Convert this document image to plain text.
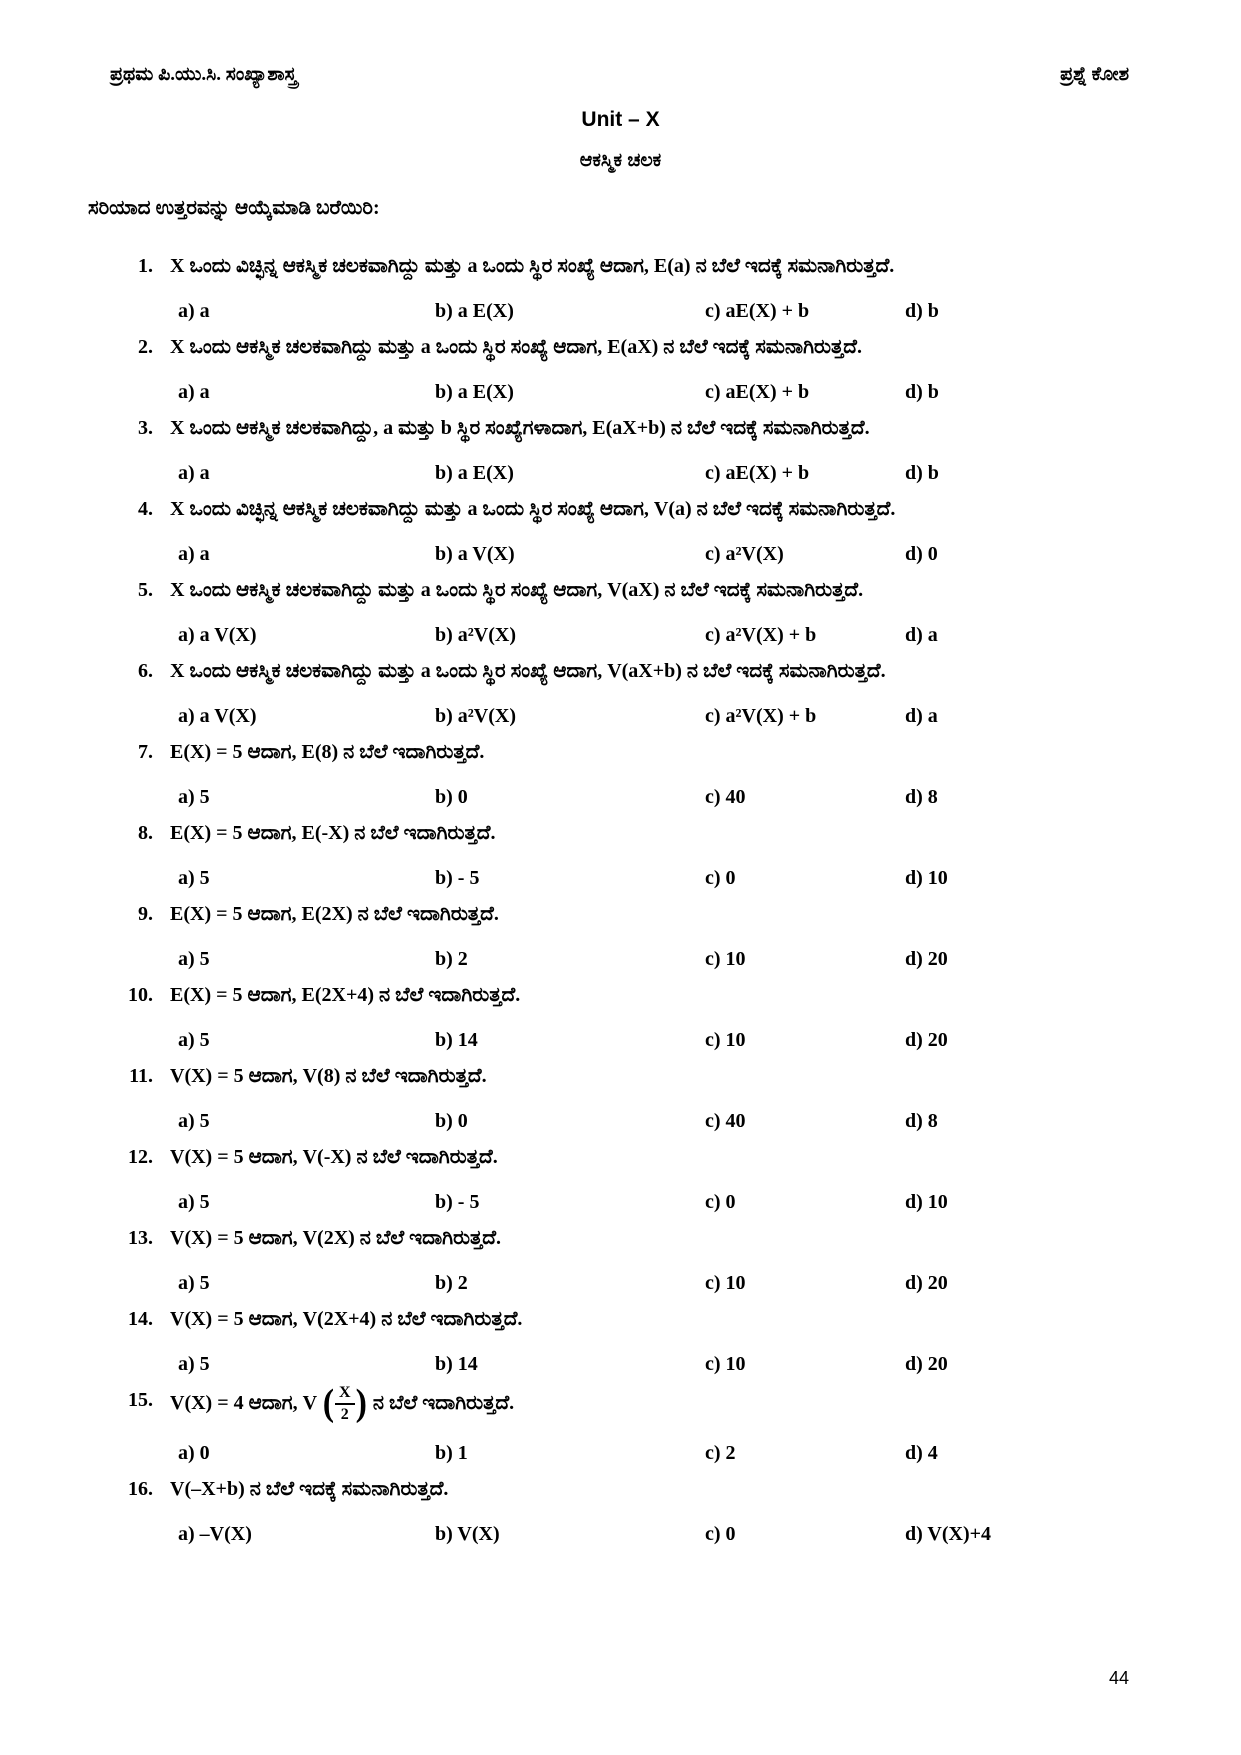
ಪ್ರಥಮ ಪಿ.ಯು.ಸಿ. ಸಂಖ್ಯಾಶಾಸ್ತ್ರ	ಪ್ರಶ್ನೆ ಕೋಶ
Unit – X
ಆಕಸ್ಮಿಕ ಚಲಕ
ಸರಿಯಾದ ಉತ್ತರವನ್ನು ಆಯ್ಕೆಮಾಡಿ ಬರೆಯಿರಿ:
1. X ಒಂದು ವಿಚ್ಛಿನ್ನ ಆಕಸ್ಮಿಕ ಚಲಕವಾಗಿದ್ದು ಮತ್ತು a ಒಂದು ಸ್ಥಿರ ಸಂಖ್ಯೆ ಆದಾಗ, E(a) ನ ಬೆಲೆ ಇದಕ್ಕೆ ಸಮನಾಗಿರುತ್ತದೆ.
a) a	b) a E(X)	c) aE(X) + b	d) b
2. X ಒಂದು ಆಕಸ್ಮಿಕ ಚಲಕವಾಗಿದ್ದು ಮತ್ತು a ಒಂದು ಸ್ಥಿರ ಸಂಖ್ಯೆ ಆದಾಗ, E(aX) ನ ಬೆಲೆ ಇದಕ್ಕೆ ಸಮನಾಗಿರುತ್ತದೆ.
a) a	b) a E(X)	c) aE(X) + b	d) b
3. X ಒಂದು ಆಕಸ್ಮಿಕ ಚಲಕವಾಗಿದ್ದು, a ಮತ್ತು b ಸ್ಥಿರ ಸಂಖ್ಯೆಗಳಾದಾಗ, E(aX+b) ನ ಬೆಲೆ ಇದಕ್ಕೆ ಸಮನಾಗಿರುತ್ತದೆ.
a) a	b) a E(X)	c) aE(X) + b	d) b
4. X ಒಂದು ವಿಚ್ಛಿನ್ನ ಆಕಸ್ಮಿಕ ಚಲಕವಾಗಿದ್ದು ಮತ್ತು a ಒಂದು ಸ್ಥಿರ ಸಂಖ್ಯೆ ಆದಾಗ, V(a) ನ ಬೆಲೆ ಇದಕ್ಕೆ ಸಮನಾಗಿರುತ್ತದೆ.
a) a	b) a V(X)	c) a²V(X)	d) 0
5. X ಒಂದು ಆಕಸ್ಮಿಕ ಚಲಕವಾಗಿದ್ದು ಮತ್ತು a ಒಂದು ಸ್ಥಿರ ಸಂಖ್ಯೆ ಆದಾಗ, V(aX) ನ ಬೆಲೆ ಇದಕ್ಕೆ ಸಮನಾಗಿರುತ್ತದೆ.
a) a V(X)	b) a²V(X)	c) a²V(X) + b	d) a
6. X ಒಂದು ಆಕಸ್ಮಿಕ ಚಲಕವಾಗಿದ್ದು ಮತ್ತು a ಒಂದು ಸ್ಥಿರ ಸಂಖ್ಯೆ ಆದಾಗ, V(aX+b) ನ ಬೆಲೆ ಇದಕ್ಕೆ ಸಮನಾಗಿರುತ್ತದೆ.
a) a V(X)	b) a²V(X)	c) a²V(X) + b	d) a
7. E(X) = 5 ಆದಾಗ, E(8) ನ ಬೆಲೆ ಇದಾಗಿರುತ್ತದೆ.
a) 5	b) 0	c) 40	d) 8
8. E(X) = 5 ಆದಾಗ, E(-X) ನ ಬೆಲೆ ಇದಾಗಿರುತ್ತದೆ.
a) 5	b) - 5	c) 0	d) 10
9. E(X) = 5 ಆದಾಗ, E(2X) ನ ಬೆಲೆ ಇದಾಗಿರುತ್ತದೆ.
a) 5	b) 2	c) 10	d) 20
10. E(X) = 5 ಆದಾಗ, E(2X+4) ನ ಬೆಲೆ ಇದಾಗಿರುತ್ತದೆ.
a) 5	b) 14	c) 10	d) 20
11. V(X) = 5 ಆದಾಗ, V(8) ನ ಬೆಲೆ ಇದಾಗಿರುತ್ತದೆ.
a) 5	b) 0	c) 40	d) 8
12. V(X) = 5 ಆದಾಗ, V(-X) ನ ಬೆಲೆ ಇದಾಗಿರುತ್ತದೆ.
a) 5	b) - 5	c) 0	d) 10
13. V(X) = 5 ಆದಾಗ, V(2X) ನ ಬೆಲೆ ಇದಾಗಿರುತ್ತದೆ.
a) 5	b) 2	c) 10	d) 20
14. V(X) = 5 ಆದಾಗ, V(2X+4) ನ ಬೆಲೆ ಇದಾಗಿರುತ್ತದೆ.
a) 5	b) 14	c) 10	d) 20
15. V(X) = 4 ಆದಾಗ, V ( $\frac{X}{2}$ ) ನ ಬೆಲೆ ಇದಾಗಿರುತ್ತದೆ.
a) 0	b) 1	c) 2	d) 4
16. V(–X+b) ನ ಬೆಲೆ ಇದಕ್ಕೆ ಸಮನಾಗಿರುತ್ತದೆ.
a) –V(X)	b) V(X)	c) 0	d) V(X)+4
44
